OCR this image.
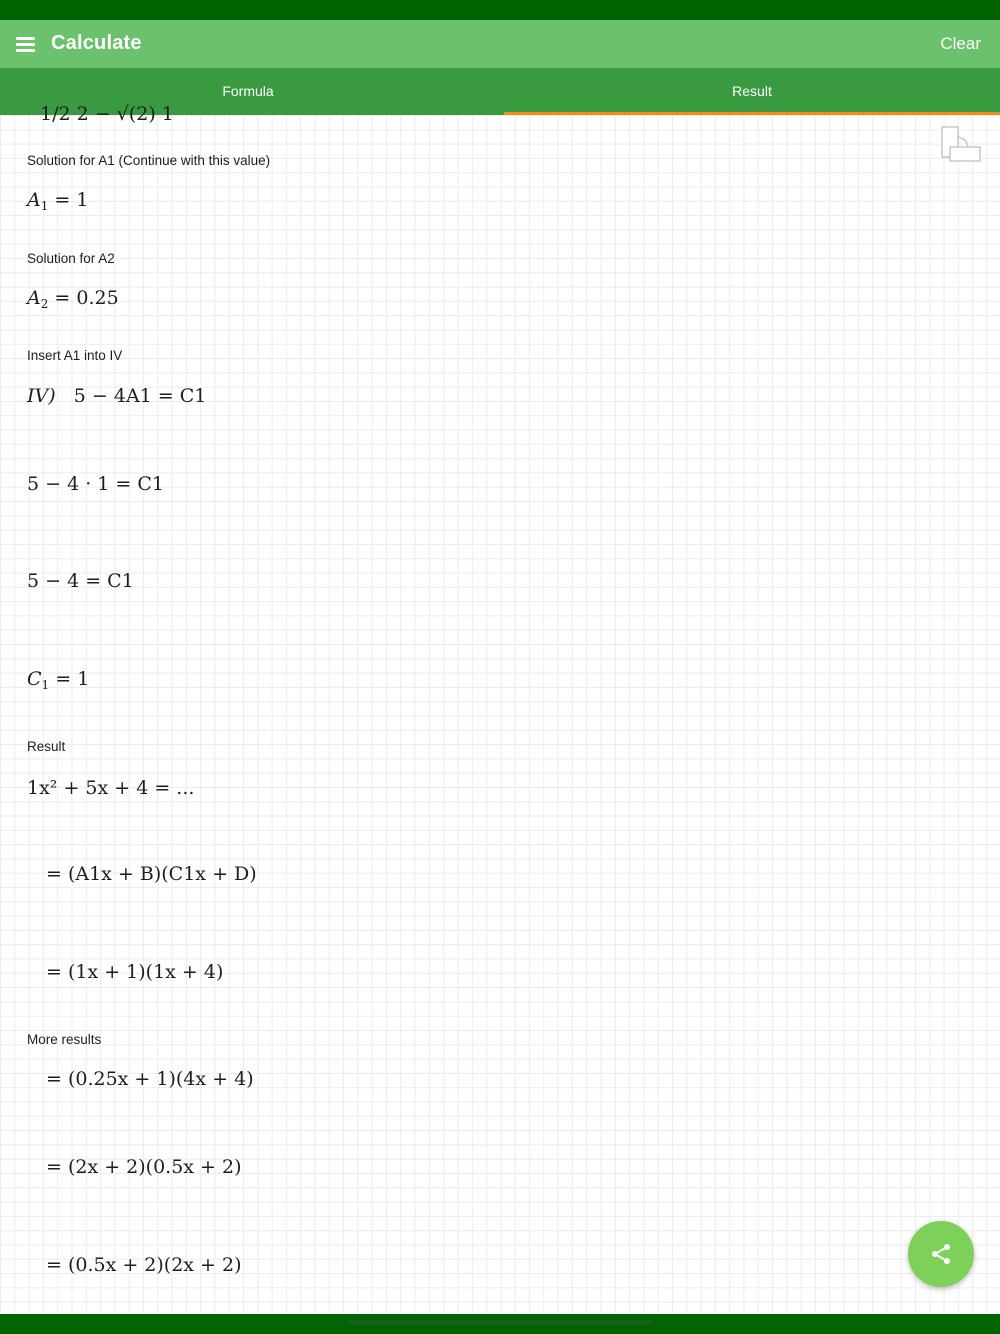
Calculate	Clear
Formula	Result
1/2 2 − √(2) 1
Solution for A1 (Continue with this value)
$A_1 = 1$
Solution for A2
$A_2 = 0.25$
Insert A1 into IV
IV) 5 − 4A1 = C1
5 − 4 · 1 = C1
5 − 4 = C1
$C_1 = 1$
Result
1x² + 5x + 4 = ...
= (A1x + B)(C1x + D)
= (1x + 1)(1x + 4)
More results
= (0.25x + 1)(4x + 4)
= (2x + 2)(0.5x + 2)
= (0.5x + 2)(2x + 2)
